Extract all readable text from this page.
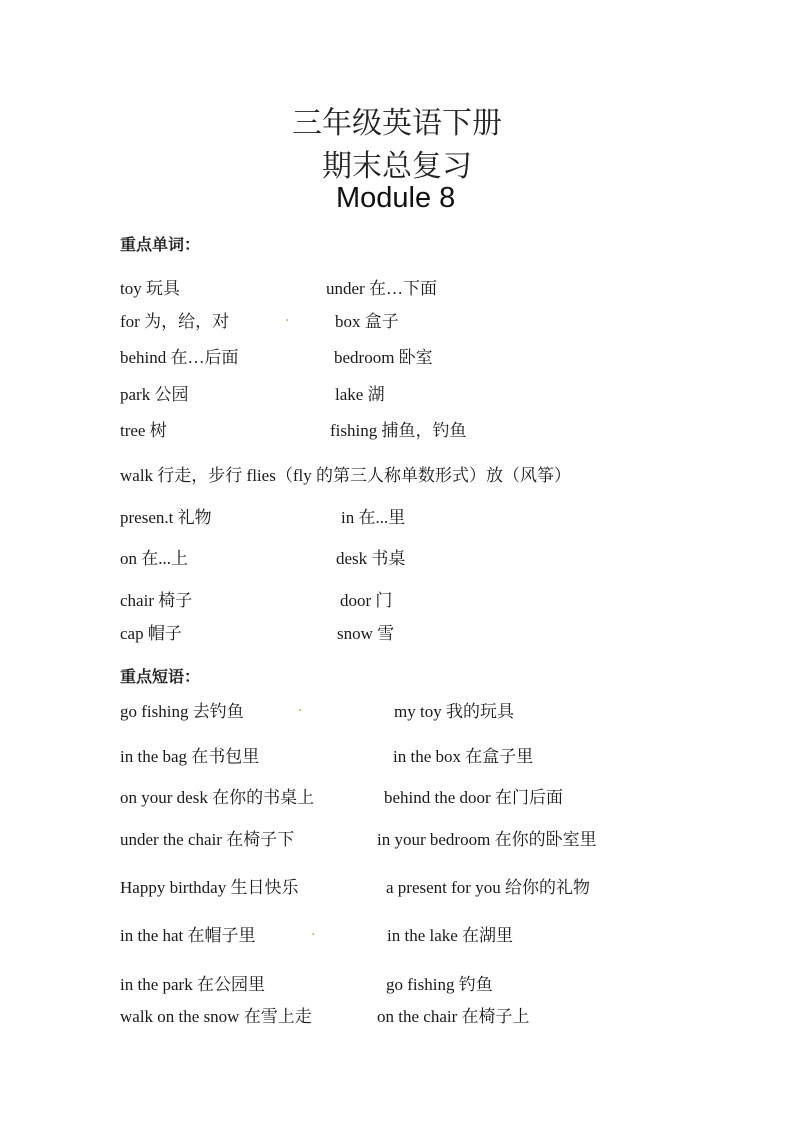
三年级英语下册
期末总复习
Module 8
重点单词：
toy 玩具	under 在…下面
for 为，给，对	.	box 盒子
behind 在…后面	bedroom 卧室
park 公园	lake 湖
tree 树	fishing 捕鱼，钓鱼
walk 行走，步行 flies（fly 的第三人称单数形式）放（风筝）
presen.t 礼物	in 在...里
on 在...上	desk 书桌
chair 椅子	door 门
cap 帽子	snow 雪
重点短语：
go fishing 去钓鱼	.	my toy 我的玩具
in the bag 在书包里	in the box 在盒子里
on your desk 在你的书桌上	behind the door 在门后面
under the chair 在椅子下	in your bedroom 在你的卧室里
Happy birthday 生日快乐	a present for you 给你的礼物
in the hat 在帽子里	.	in the lake 在湖里
in the park 在公园里	go fishing 钓鱼
walk on the snow 在雪上走	on the chair 在椅子上
